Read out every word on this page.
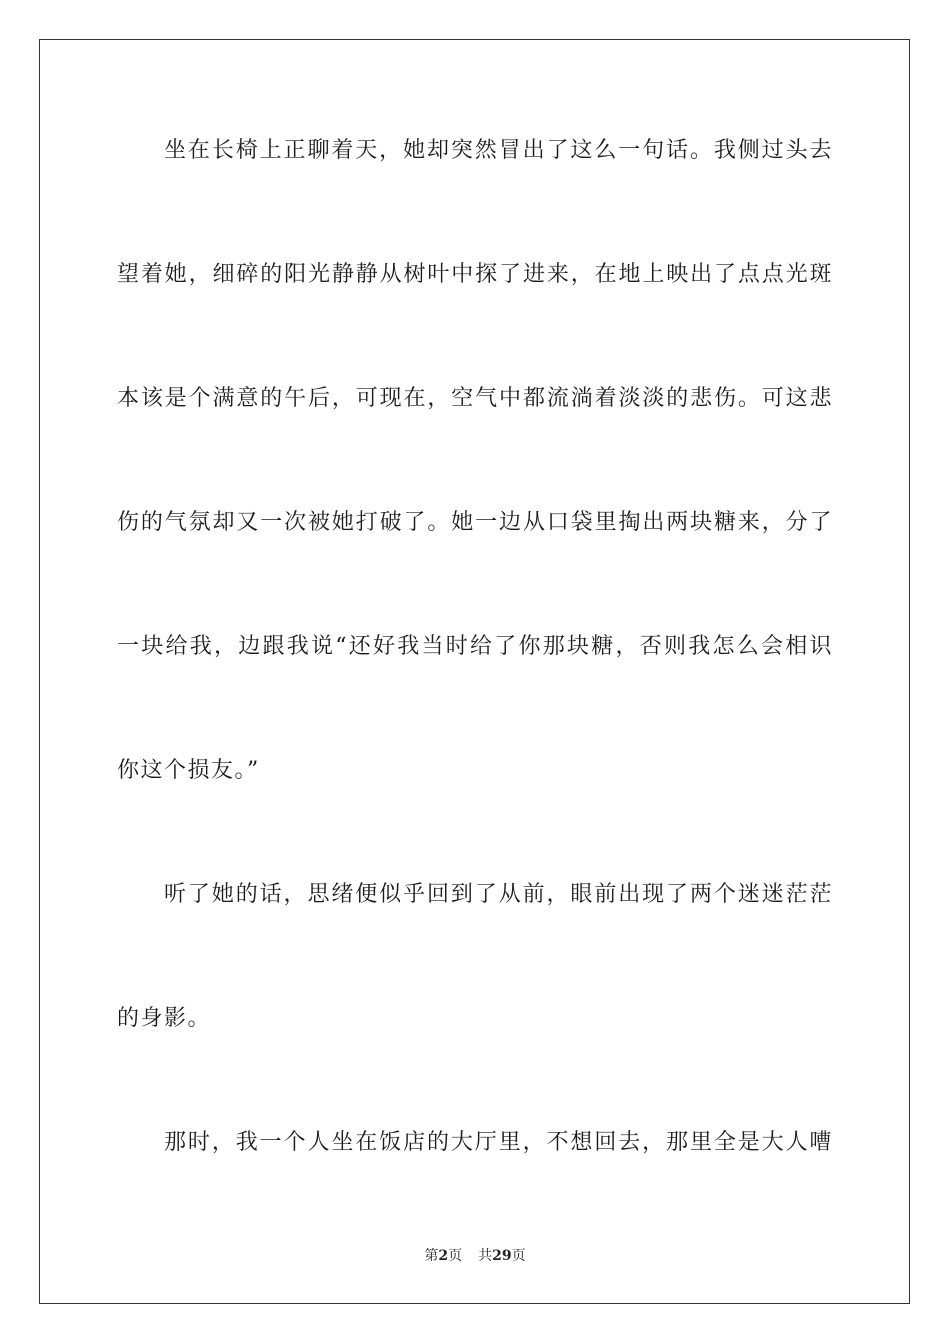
坐在长椅上正聊着天，她却突然冒出了这么一句话。我侧过头去
望着她，细碎的阳光静静从树叶中探了进来，在地上映出了点点光斑
本该是个满意的午后，可现在，空气中都流淌着淡淡的悲伤。可这悲
伤的气氛却又一次被她打破了。她一边从口袋里掏出两块糖来，分了
一块给我，边跟我说“还好我当时给了你那块糖，否则我怎么会相识
你这个损友。”
听了她的话，思绪便似乎回到了从前，眼前出现了两个迷迷茫茫
的身影。
那时，我一个人坐在饭店的大厅里，不想回去，那里全是大人嘈
第2页 共29页
